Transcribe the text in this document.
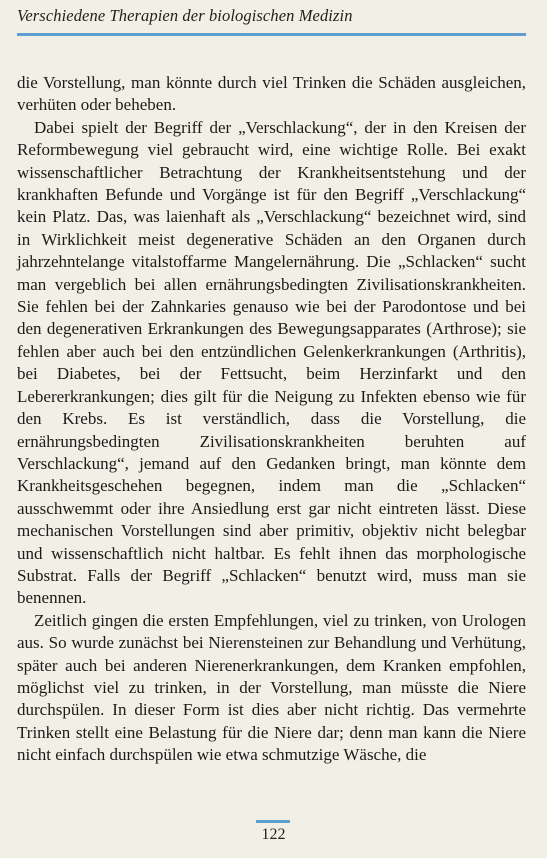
Verschiedene Therapien der biologischen Medizin

die Vorstellung, man könnte durch viel Trinken die Schäden ausgleichen, verhüten oder beheben.

Dabei spielt der Begriff der „Verschlackung“, der in den Kreisen der Reformbewegung viel gebraucht wird, eine wichtige Rolle. Bei exakt wissenschaftlicher Betrachtung der Krankheitsentstehung und der krankhaften Befunde und Vorgänge ist für den Begriff „Verschlackung“ kein Platz. Das, was laienhaft als „Verschlackung“ bezeichnet wird, sind in Wirklichkeit meist degenerative Schäden an den Organen durch jahrzehntelange vitalstoffarme Mangelernährung. Die „Schlacken“ sucht man vergeblich bei allen ernährungsbedingten Zivilisationskrankheiten. Sie fehlen bei der Zahnkaries genauso wie bei der Parodontose und bei den degenerativen Erkrankungen des Bewegungsapparates (Arthrose); sie fehlen aber auch bei den entzündlichen Gelenkerkrankungen (Arthritis), bei Diabetes, bei der Fettsucht, beim Herzinfarkt und den Lebererkrankungen; dies gilt für die Neigung zu Infekten ebenso wie für den Krebs. Es ist verständlich, dass die Vorstellung, die ernährungsbedingten Zivilisationskrankheiten beruhten auf Verschlackung“, jemand auf den Gedanken bringt, man könnte dem Krankheitsgeschehen begegnen, indem man die „Schlacken“ ausschwemmt oder ihre Ansiedlung erst gar nicht eintreten lässt. Diese mechanischen Vorstellungen sind aber primitiv, objektiv nicht belegbar und wissenschaftlich nicht haltbar. Es fehlt ihnen das morphologische Substrat. Falls der Begriff „Schlacken“ benutzt wird, muss man sie benennen.

Zeitlich gingen die ersten Empfehlungen, viel zu trinken, von Urologen aus. So wurde zunächst bei Nierensteinen zur Behandlung und Verhütung, später auch bei anderen Nierenerkrankungen, dem Kranken empfohlen, möglichst viel zu trinken, in der Vorstellung, man müsste die Niere durchspülen. In dieser Form ist dies aber nicht richtig. Das vermehrte Trinken stellt eine Belastung für die Niere dar; denn man kann die Niere nicht einfach durchspülen wie etwa schmutzige Wäsche, die

122
